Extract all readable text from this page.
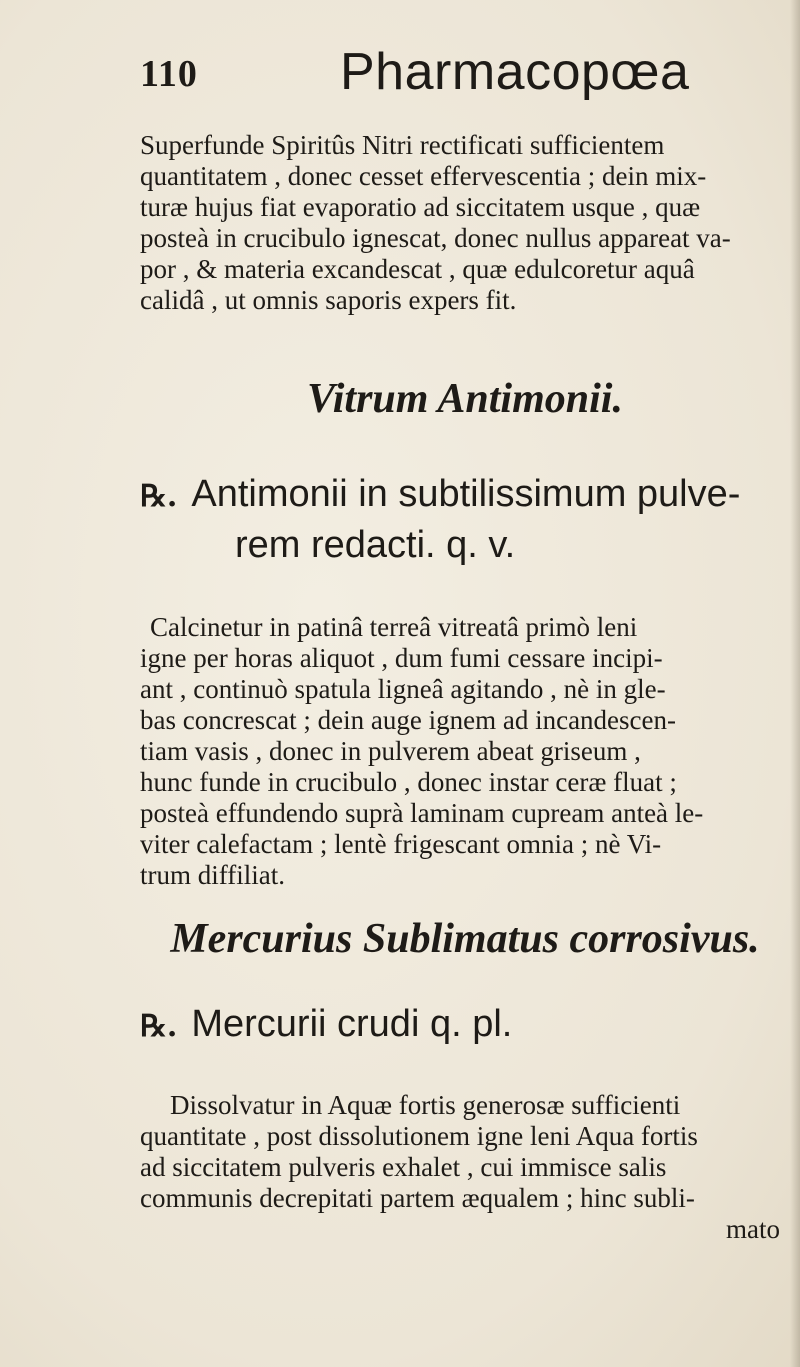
110	Pharmacopœa
Superfunde Spiritûs Nitri rectificati sufficientem
quantitatem , donec cesset effervescentia ; dein mix-
turæ hujus fiat evaporatio ad siccitatem usque , quæ
posteà in crucibulo ignescat, donec nullus appareat va-
por , & materia excandescat , quæ edulcoretur aquâ
calidâ , ut omnis saporis expers fit.
Vitrum Antimonii.
℞. Antimonii in subtilissimum pulve-
rem redacti. q. v.
Calcinetur in patinâ terreâ vitreatâ primò leni
igne per horas aliquot , dum fumi cessare incipi-
ant , continuò spatula ligneâ agitando , nè in gle-
bas concrescat ; dein auge ignem ad incandescen-
tiam vasis , donec in pulverem abeat griseum ,
hunc funde in crucibulo , donec instar ceræ fluat ;
posteà effundendo suprà laminam cupream anteà le-
viter calefactam ; lentè frigescant omnia ; nè Vi-
trum diffiliat.
Mercurius Sublimatus corrosivus.
℞. Mercurii crudi q. pl.
Dissolvatur in Aquæ fortis generosæ sufficienti
quantitate , post dissolutionem igne leni Aqua fortis
ad siccitatem pulveris exhalet , cui immisce salis
communis decrepitati partem æqualem ; hinc subli-
mato
